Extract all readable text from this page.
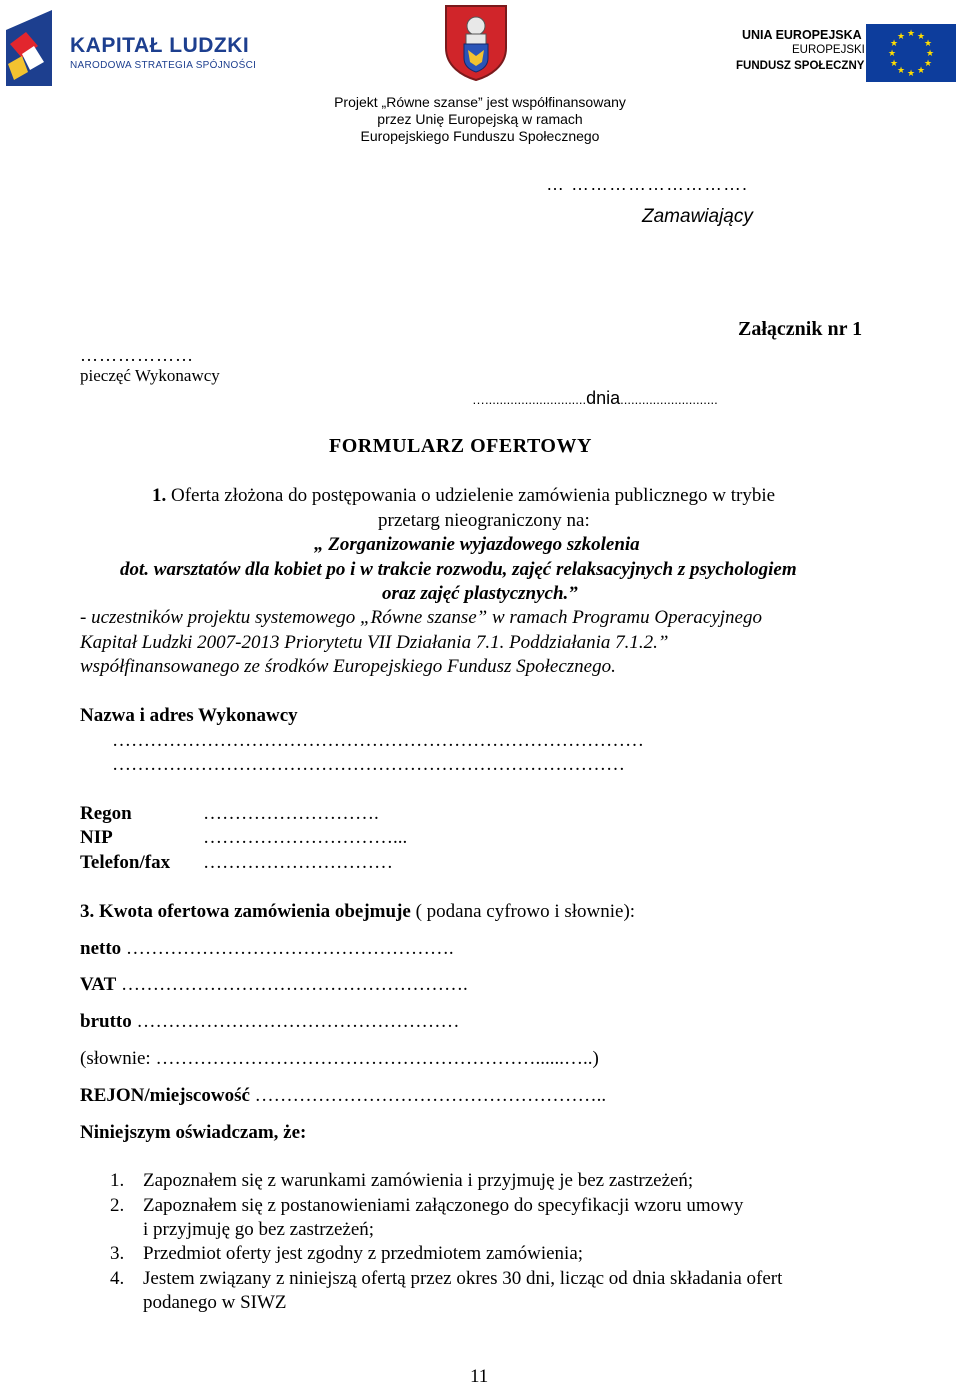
KAPITAŁ LUDZKI
NARODOWA STRATEGIA SPÓJNOŚCI
UNIA EUROPEJSKA
EUROPEJSKI
FUNDUSZ SPOŁECZNY
★ ★
★
★
★
★
★
★
★
★
★
★
Projekt „Równe szanse” jest współfinansowany
przez Unię Europejską w ramach
Europejskiego Funduszu Społecznego
… ……………………….
Zamawiający
Załącznik nr 1
………………
pieczęć Wykonawcy
…............................dnia...........................
FORMULARZ OFERTOWY
1. Oferta złożona do postępowania o udzielenie zamówienia publicznego w trybie
przetarg nieograniczony na:
„ Zorganizowanie wyjazdowego szkolenia
dot. warsztatów dla kobiet po i w trakcie rozwodu, zajęć relaksacyjnych z psychologiem
oraz zajęć plastycznych.”
- uczestników projektu systemowego „Równe szanse” w ramach Programu Operacyjnego
Kapitał Ludzki 2007-2013 Priorytetu VII Działania 7.1. Poddziałania 7.1.2.”
współfinansowanego ze środków Europejskiego Fundusz Społecznego.
Nazwa i adres Wykonawcy
…………………………………………………………………………
………………………………………………………………………
Regon	……………………….
NIP	…………………………...
Telefon/fax …………………………
3. Kwota ofertowa zamówienia obejmuje ( podana cyfrowo i słownie):
netto …………………………………………….
VAT ……………………………………………….
brutto ……………………………………………
(słownie: ……………………………………………………......…..)
REJON/miejscowość ………………………………………………..
Niniejszym oświadczam, że:
1. Zapoznałem się z warunkami zamówienia i przyjmuję je bez zastrzeżeń;
2. Zapoznałem się z postanowieniami załączonego do specyfikacji wzoru umowy
i przyjmuję go bez zastrzeżeń;
3. Przedmiot oferty jest zgodny z przedmiotem zamówienia;
4. Jestem związany z niniejszą ofertą przez okres 30 dni, licząc od dnia składania ofert
podanego w SIWZ
11
